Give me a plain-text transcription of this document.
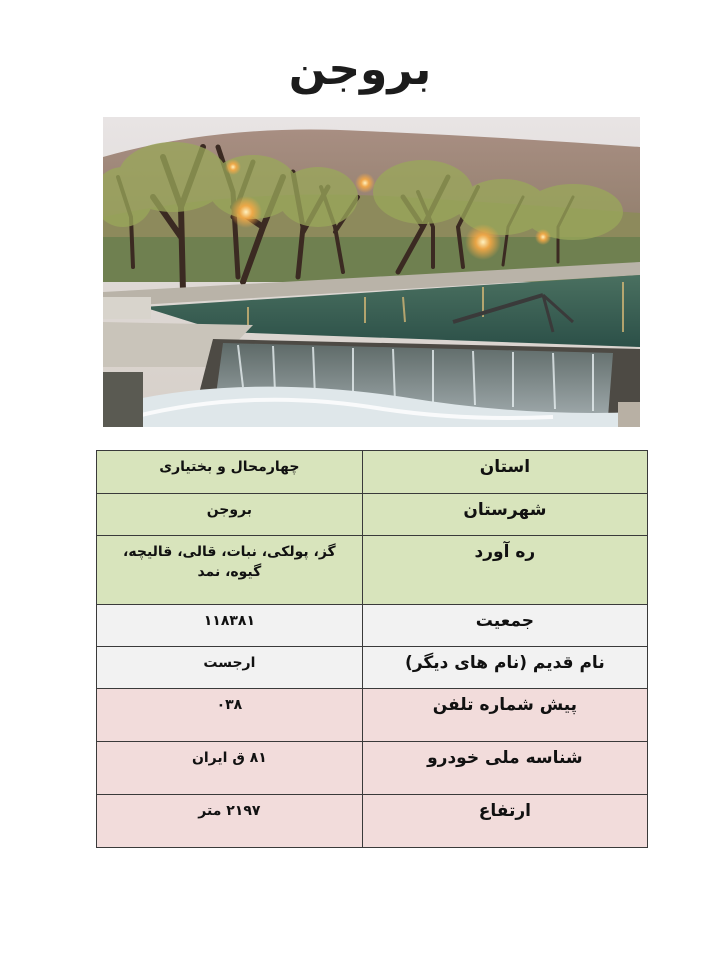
بروجن
استان	چهارمحال و بختیاری
شهرستان	بروجن
ره آورد	گز، پولکی، نبات، قالی، قالیچه، گیوه، نمد
جمعیت	۱۱۸۳۸۱
نام قدیم (نام های دیگر)	ارجست
پیش شماره تلفن	۰۳۸
شناسه ملی خودرو	۸۱ ق ایران
ارتفاع	۲۱۹۷ متر
